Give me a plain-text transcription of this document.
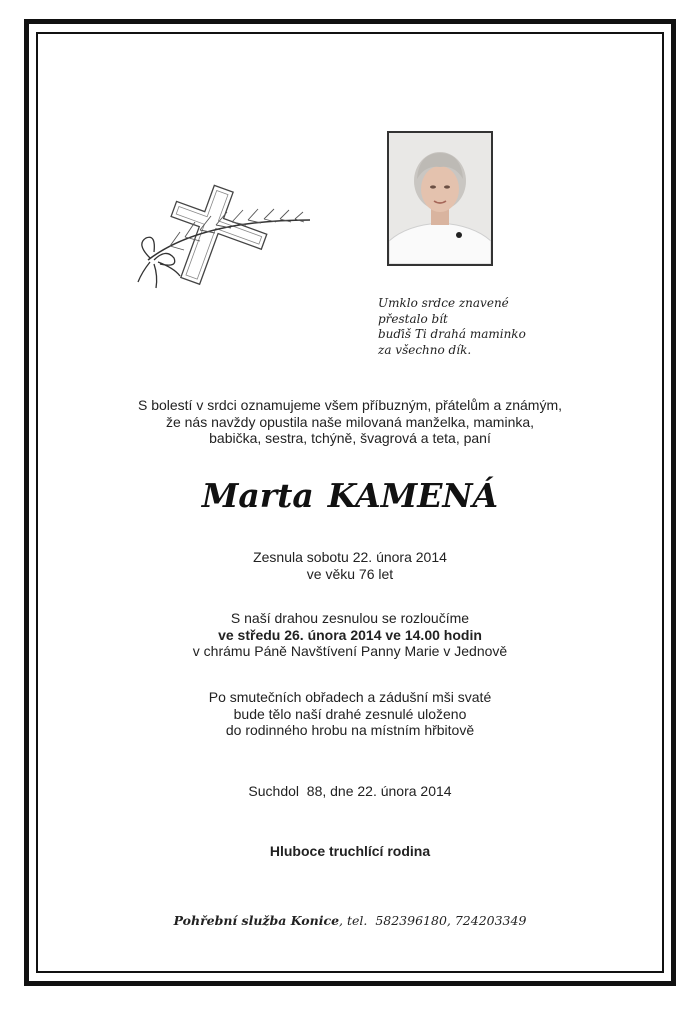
Umklo srdce znavené
přestalo bít
buďiš Ti drahá maminko
za všechno dík.
S bolestí v srdci oznamujeme všem příbuzným, přátelům a známým,
že nás navždy opustila naše milovaná manželka, maminka,
babička, sestra, tchýně, švagrová a teta, paní
Marta KAMENÁ
Zesnula sobotu 22. února 2014
ve věku 76 let
S naší drahou zesnulou se rozloučíme
ve středu 26. února 2014 ve 14.00 hodin
v chrámu Páně Navštívení Panny Marie v Jednově
Po smutečních obřadech a zádušní mši svaté
bude tělo naší drahé zesnulé uloženo
do rodinného hrobu na místním hřbitově
Suchdol  88, dne 22. února 2014
Hluboce truchlící rodina
Pohřební služba Konice, tel.  582396180, 724203349
